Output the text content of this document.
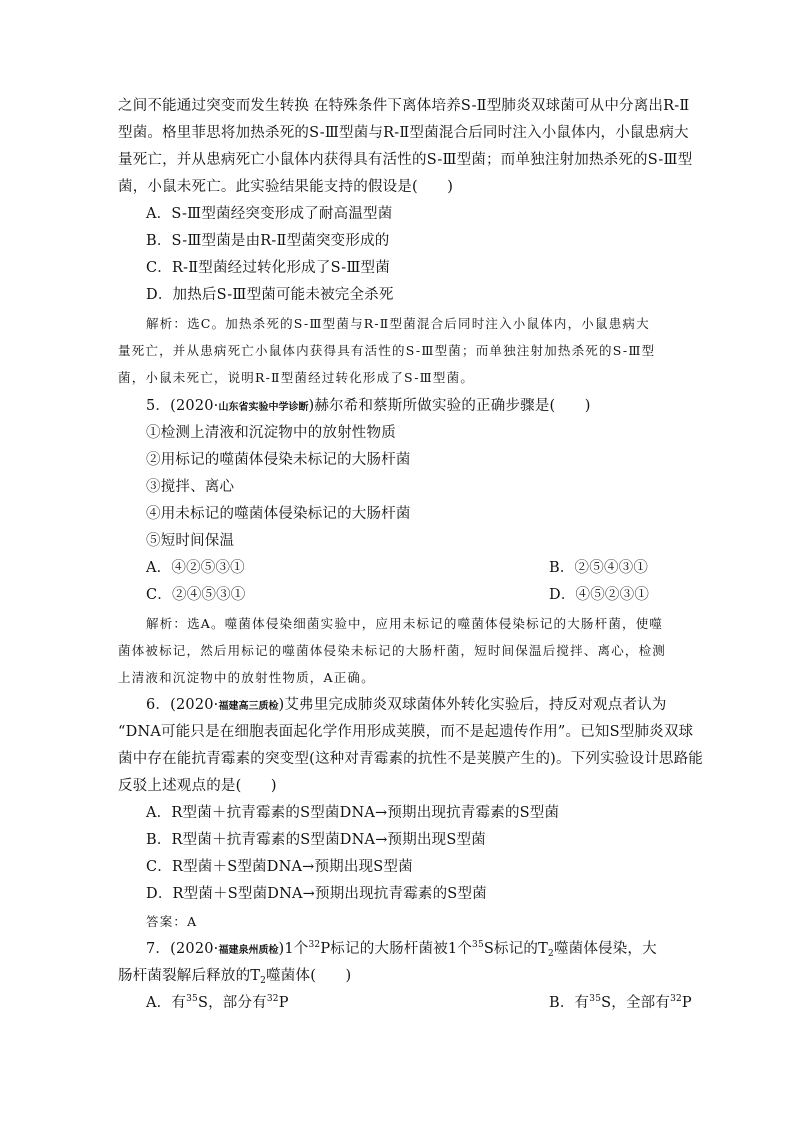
之间不能通过突变而发生转换 在特殊条件下离体培养S-Ⅱ型肺炎双球菌可从中分离出R-Ⅱ
型菌。格里菲思将加热杀死的S-Ⅲ型菌与R-Ⅱ型菌混合后同时注入小鼠体内，小鼠患病大
量死亡，并从患病死亡小鼠体内获得具有活性的S-Ⅲ型菌；而单独注射加热杀死的S-Ⅲ型
菌，小鼠未死亡。此实验结果能支持的假设是(　　)
A．S-Ⅲ型菌经突变形成了耐高温型菌
B．S-Ⅲ型菌是由R-Ⅱ型菌突变形成的
C．R-Ⅱ型菌经过转化形成了S-Ⅲ型菌
D．加热后S-Ⅲ型菌可能未被完全杀死
解析：选C。加热杀死的S-Ⅲ型菌与R-Ⅱ型菌混合后同时注入小鼠体内，小鼠患病大
量死亡，并从患病死亡小鼠体内获得具有活性的S-Ⅲ型菌；而单独注射加热杀死的S-Ⅲ型
菌，小鼠未死亡，说明R-Ⅱ型菌经过转化形成了S-Ⅲ型菌。
5．(2020·山东省实验中学诊断)赫尔希和蔡斯所做实验的正确步骤是(　　)
①检测上清液和沉淀物中的放射性物质
②用标记的噬菌体侵染未标记的大肠杆菌
③搅拌、离心
④用未标记的噬菌体侵染标记的大肠杆菌
⑤短时间保温
A．④②⑤③①	B．②⑤④③①
C．②④⑤③①	D．④⑤②③①
解析：选A。噬菌体侵染细菌实验中，应用未标记的噬菌体侵染标记的大肠杆菌，使噬
菌体被标记，然后用标记的噬菌体侵染未标记的大肠杆菌，短时间保温后搅拌、离心，检测
上清液和沉淀物中的放射性物质，A正确。
6．(2020·福建高三质检)艾弗里完成肺炎双球菌体外转化实验后，持反对观点者认为
“DNA可能只是在细胞表面起化学作用形成荚膜，而不是起遗传作用”。已知S型肺炎双球
菌中存在能抗青霉素的突变型(这种对青霉素的抗性不是荚膜产生的)。下列实验设计思路能
反驳上述观点的是(　　)
A．R型菌＋抗青霉素的S型菌DNA→预期出现抗青霉素的S型菌
B．R型菌＋抗青霉素的S型菌DNA→预期出现S型菌
C．R型菌＋S型菌DNA→预期出现S型菌
D．R型菌＋S型菌DNA→预期出现抗青霉素的S型菌
答案：A
7．(2020·福建泉州质检)1个$^{32}$P标记的大肠杆菌被1个$^{35}$S标记的$T_2$噬菌体侵染，大
肠杆菌裂解后释放的$T_2$噬菌体(　　)
A．有$^{35}$S，部分有$^{32}$P	B．有$^{35}$S，全部有$^{32}$P
